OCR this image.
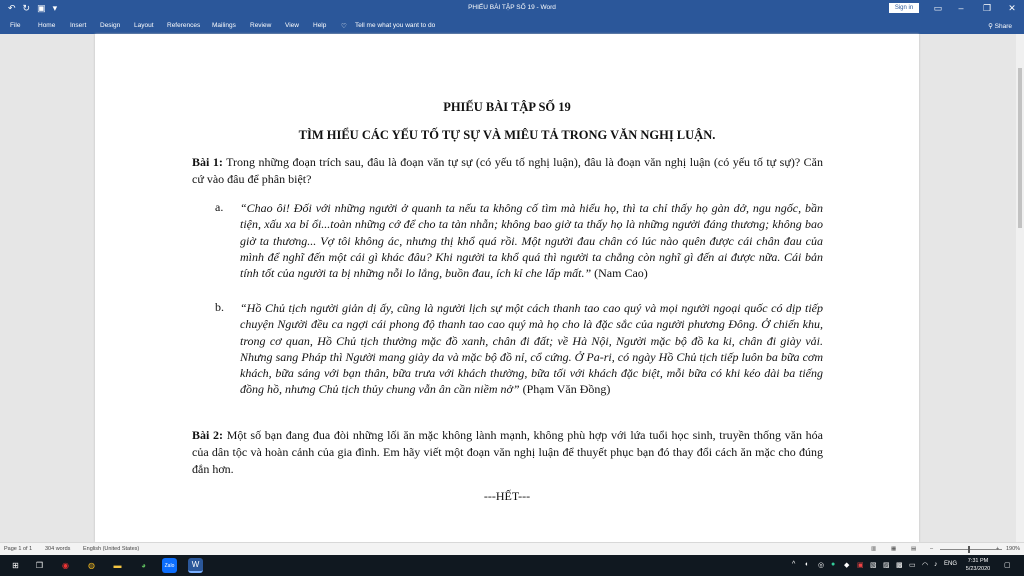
↶ ↻ ▣ ▾	PHIẾU BÀI TẬP SỐ 19 - Word	Sign in	▭	–	❐	✕
File	Home Insert Design Layout References Mailings Review View Help ♡ Tell me what you want to do	⚲ Share
PHIẾU BÀI TẬP SỐ 19
TÌM HIỂU CÁC YẾU TỐ TỰ SỰ VÀ MIÊU TẢ TRONG VĂN NGHỊ LUẬN.
Bài 1: Trong những đoạn trích sau, đâu là đoạn văn tự sự (có yếu tố nghị luận), đâu là đoạn văn nghị luận (có yếu tố tự sự)? Căn cứ vào đâu để phân biệt?
a. “Chao ôi! Đối với những người ở quanh ta nếu ta không cố tìm mà hiểu họ, thì ta chỉ thấy họ gàn dở, ngu ngốc, bần tiện, xấu xa bỉ ổi...toàn những cớ để cho ta tàn nhẫn; không bao giờ ta thấy họ là những người đáng thương; không bao giờ ta thương... Vợ tôi không ác, nhưng thị khổ quá rồi. Một người đau chân có lúc nào quên được cái chân đau của mình để nghĩ đến một cái gì khác đâu? Khi người ta khổ quá thì người ta chẳng còn nghĩ gì đến ai được nữa. Cái bản tính tốt của người ta bị những nỗi lo lắng, buồn đau, ích kỉ che lấp mất.” (Nam Cao)
b. “Hồ Chủ tịch người giản dị ấy, cũng là người lịch sự một cách thanh tao cao quý và mọi người ngoại quốc có dịp tiếp chuyện Người đều ca ngợi cái phong độ thanh tao cao quý mà họ cho là đặc sắc của người phương Đông. Ở chiến khu, trong cơ quan, Hồ Chủ tịch thường mặc đồ xanh, chân đi đất; về Hà Nội, Người mặc bộ đồ ka ki, chân đi giày vải. Nhưng sang Pháp thì Người mang giày da và mặc bộ đồ nỉ, cổ cứng. Ở Pa-ri, có ngày Hồ Chủ tịch tiếp luôn ba bữa cơm khách, bữa sáng với bạn thân, bữa trưa với khách thường, bữa tối với khách đặc biệt, mỗi bữa có khi kéo dài ba tiếng đồng hồ, nhưng Chủ tịch thủy chung vẫn ân cần niềm nở” (Phạm Văn Đồng)
Bài 2: Một số bạn đang đua đòi những lối ăn mặc không lành mạnh, không phù hợp với lứa tuổi học sinh, truyền thống văn hóa của dân tộc và hoàn cảnh của gia đình. Em hãy viết một đoạn văn nghị luận để thuyết phục bạn đó thay đổi cách ăn mặc cho đúng đắn hơn.
---HẾT---
Page 1 of 1 304 words English (United States)	▥	▦	▤	–	+ 190%
⊞	❒	◉	◍	▬	◕	Zalo	W	^ ◐ ◎ ● ◆ ▣ ▧ ▨ ▩ ▭ ◠ ♪ ENG	7:31 PM
5/23/2020	▢
